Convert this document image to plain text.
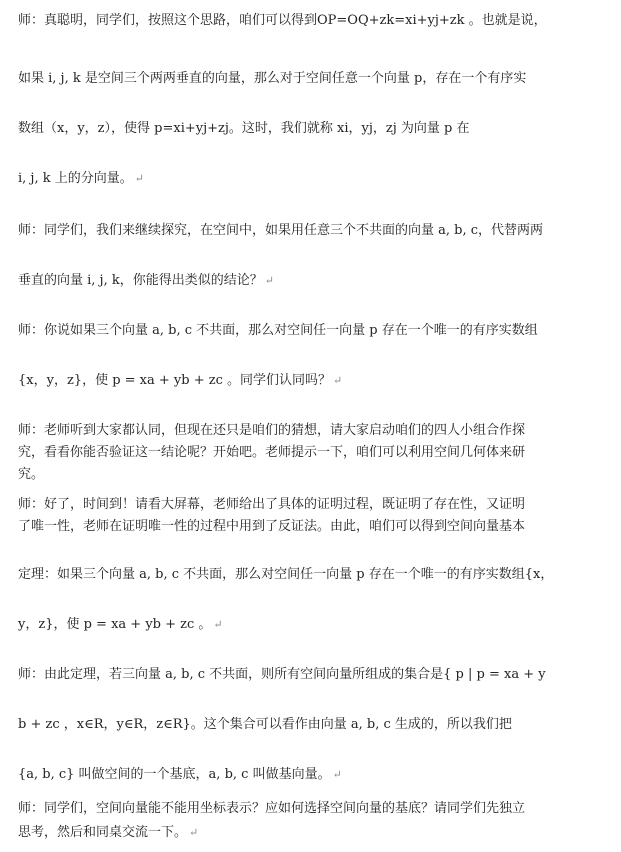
师：真聪明，同学们，按照这个思路，咱们可以得到OP=OQ+zk=xi+yj+zk 。也就是说，
如果 i, j, k 是空间三个两两垂直的向量，那么对于空间任意一个向量 p，存在一个有序实
数组（x，y，z），使得 p=xi+yj+zj。这时，我们就称 xi，yj，zj 为向量 p 在
i, j, k 上的分向量。 ↵
师：同学们，我们来继续探究，在空间中，如果用任意三个不共面的向量 a, b, c，代替两两
垂直的向量 i, j, k，你能得出类似的结论？ ↵
师：你说如果三个向量 a, b, c 不共面，那么对空间任一向量 p 存在一个唯一的有序实数组
{x，y，z}，使 p = xa + yb + zc 。同学们认同吗？ ↵
师：老师听到大家都认同，但现在还只是咱们的猜想，请大家启动咱们的四人小组合作探
究，看看你能否验证这一结论呢？开始吧。老师提示一下，咱们可以利用空间几何体来研
究。
师：好了，时间到！请看大屏幕，老师给出了具体的证明过程，既证明了存在性，又证明
了唯一性，老师在证明唯一性的过程中用到了反证法。由此，咱们可以得到空间向量基本
定理：如果三个向量 a, b, c 不共面，那么对空间任一向量 p 存在一个唯一的有序实数组{x，
y，z}，使 p = xa + yb + zc 。 ↵
师：由此定理，若三向量 a, b, c 不共面，则所有空间向量所组成的集合是{ p | p = xa + y
b + zc ，x∈R，y∈R，z∈R}。这个集合可以看作由向量 a, b, c 生成的，所以我们把
{a, b, c} 叫做空间的一个基底，a, b, c 叫做基向量。 ↵
师：同学们，空间向量能不能用坐标表示？应如何选择空间向量的基底？请同学们先独立
思考，然后和同桌交流一下。 ↵
